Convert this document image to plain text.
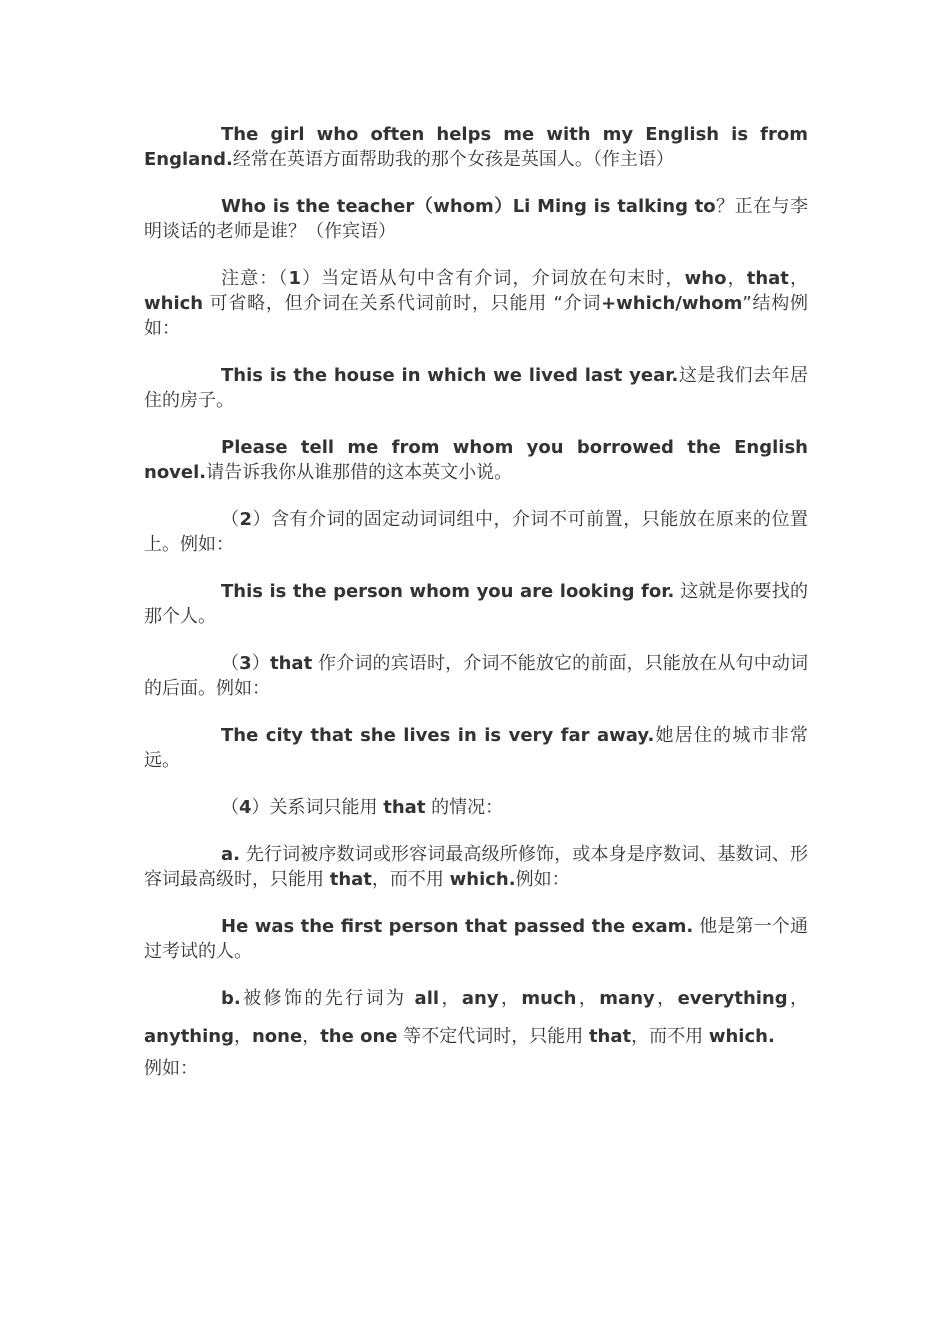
The girl who often helps me with my English is from England.经常在英语方面帮助我的那个女孩是英国人。（作主语）

Who is the teacher（whom）Li Ming is talking to？正在与李明谈话的老师是谁？（作宾语）

注意：（1）当定语从句中含有介词，介词放在句末时，who，that，which 可省略，但介词在关系代词前时，只能用 “介词+which/whom”结构例如：

This is the house in which we lived last year.这是我们去年居住的房子。

Please tell me from whom you borrowed the English novel.请告诉我你从谁那借的这本英文小说。

（2）含有介词的固定动词词组中，介词不可前置，只能放在原来的位置上。例如：

This is the person whom you are looking for. 这就是你要找的那个人。

（3）that 作介词的宾语时，介词不能放它的前面，只能放在从句中动词的后面。例如：

The city that she lives in is very far away.她居住的城市非常远。

（4）关系词只能用 that 的情况：

a. 先行词被序数词或形容词最高级所修饰，或本身是序数词、基数词、形容词最高级时，只能用 that，而不用 which.例如：

He was the first person that passed the exam. 他是第一个通过考试的人。

b.被修饰的先行词为 all，any，much，many，everything，anything，none，the one 等不定代词时，只能用 that，而不用 which.
例如：
